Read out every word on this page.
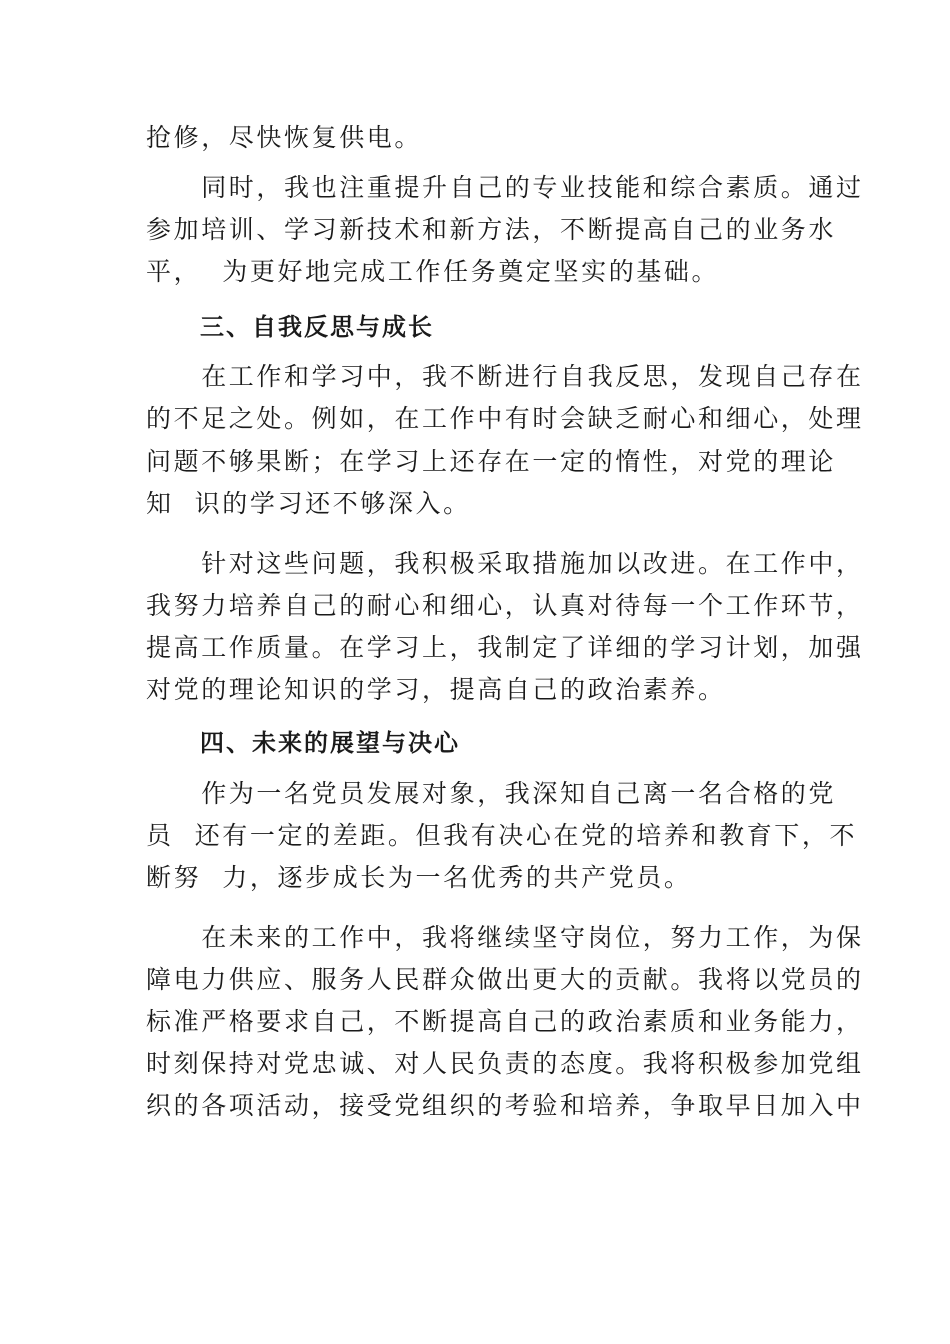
抢修，尽快恢复供电。

　　同时，我也注重提升自己的专业技能和综合素质。通过

参加培训、学习新技术和新方法，不断提高自己的业务水

平，  为更好地完成工作任务奠定坚实的基础。

三、自我反思与成长

　　在工作和学习中，我不断进行自我反思，发现自己存在

的不足之处。例如，在工作中有时会缺乏耐心和细心，处理

问题不够果断；在学习上还存在一定的惰性，对党的理论

知  识的学习还不够深入。

　　针对这些问题，我积极采取措施加以改进。在工作中，

我努力培养自己的耐心和细心，认真对待每一个工作环节，

提高工作质量。在学习上，我制定了详细的学习计划，加强

对党的理论知识的学习，提高自己的政治素养。

四、未来的展望与决心

　　作为一名党员发展对象，我深知自己离一名合格的党

员  还有一定的差距。但我有决心在党的培养和教育下，不

断努  力，逐步成长为一名优秀的共产党员。

　　在未来的工作中，我将继续坚守岗位，努力工作，为保

障电力供应、服务人民群众做出更大的贡献。我将以党员的

标准严格要求自己，不断提高自己的政治素质和业务能力，

时刻保持对党忠诚、对人民负责的态度。我将积极参加党组

织的各项活动，接受党组织的考验和培养，争取早日加入中
